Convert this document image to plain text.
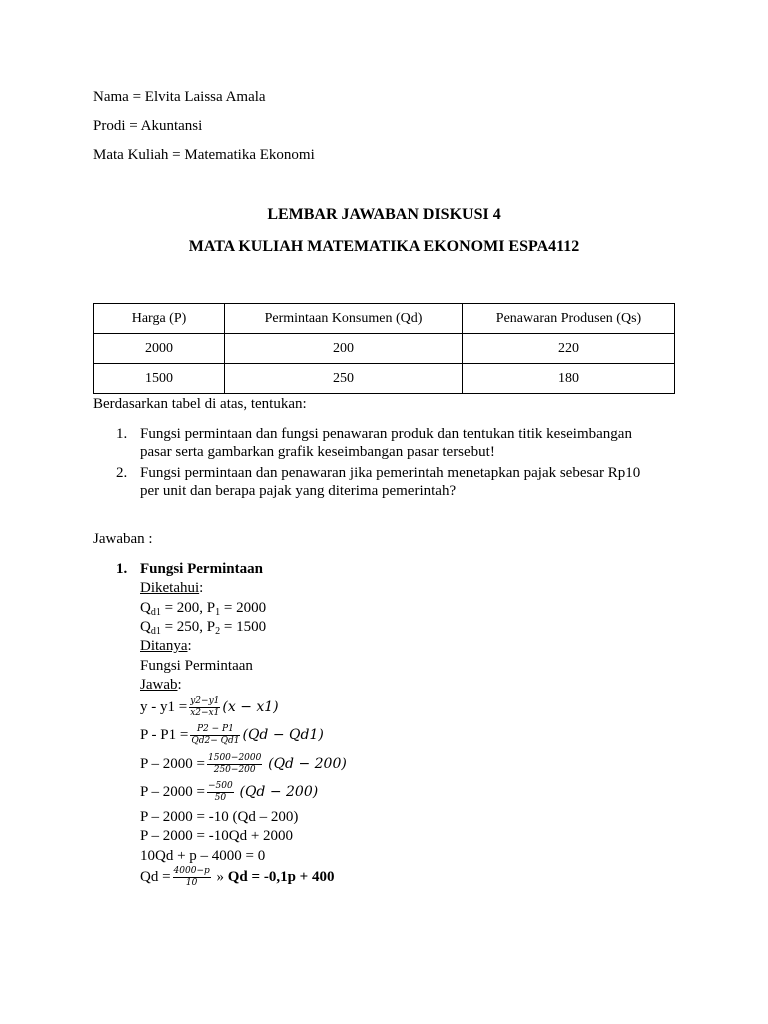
Nama = Elvita Laissa Amala
Prodi = Akuntansi
Mata Kuliah = Matematika Ekonomi
LEMBAR JAWABAN DISKUSI 4
MATA KULIAH MATEMATIKA EKONOMI ESPA4112
Harga (P)	Permintaan Konsumen (Qd)	Penawaran Produsen (Qs)
2000	200	220
1500	250	180
Berdasarkan tabel di atas, tentukan:
1. Fungsi permintaan dan fungsi penawaran produk dan tentukan titik keseimbangan
pasar serta gambarkan grafik keseimbangan pasar tersebut!
2. Fungsi permintaan dan penawaran jika pemerintah menetapkan pajak sebesar Rp10
per unit dan berapa pajak yang diterima pemerintah?
Jawaban :
1. Fungsi Permintaan
Diketahui:
$Q_{d1} = 200$, $P_1 = 2000$
$Q_{d1} = 250$, $P_2 = 1500$
Ditanya:
Fungsi Permintaan
Jawab:
$y - y1 = \frac{y2-y1}{x2-x1} (x - x1)$
$P - P1 = \frac{P2 - P1}{Qd2- Qd1} (Qd - Qd1)$
$P - 2000 = \frac{1500-2000}{250-200} (Qd - 200)$
$P - 2000 = \frac{-500}{50} (Qd - 200)$
P – 2000 = -10 (Qd – 200)
P – 2000 = -10Qd + 2000
10Qd + p – 4000 = 0
$Qd = \frac{4000-p}{10}$ » Qd = -0,1p + 400
